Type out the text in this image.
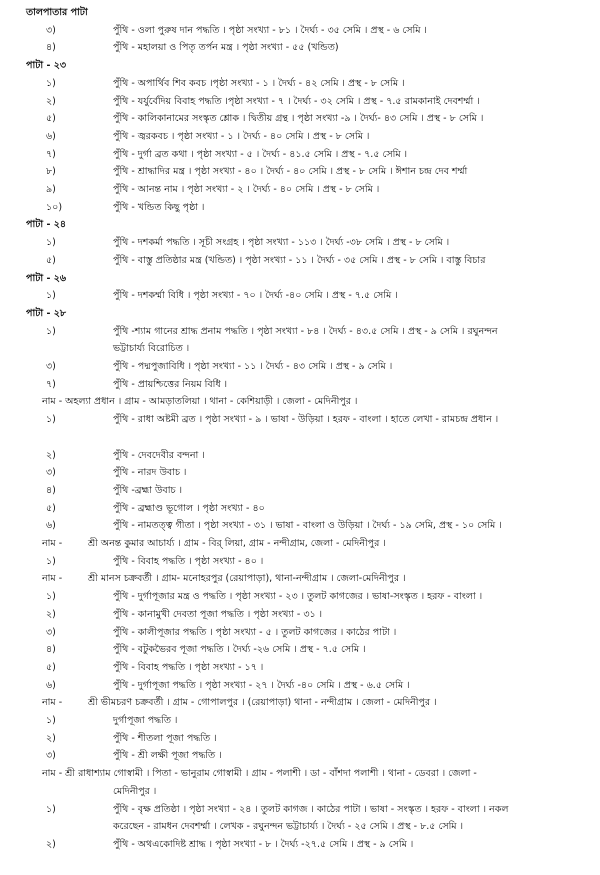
তালপাতার পাটা
৩)	পুঁথি - ওলা পুরুষ দান পদ্ধতি । পৃষ্ঠা সংখ্যা - ৮১ । দৈর্ঘ্য - ৩৫ সেমি । প্রস্থ - ৬ সেমি ।
৪)	পুঁথি - মহালয়া ও পিতৃ তর্পন মন্ত্র । পৃষ্ঠা সংখ্যা - ৫৫ (খন্ডিত)
পাটা - ২৩
১)	পুঁথি - অপার্থিব শিব কবচ ।পৃষ্ঠা সংখ্যা - ১ । দৈর্ঘ্য - ৪২ সেমি । প্রস্থ - ৮ সেমি ।
২)	পুঁথি - যর্যুর্বেদিয় বিবাহ পদ্ধতি ।পৃষ্ঠা সংখ্যা - ৭ । দৈর্ঘ্য - ৩২ সেমি । প্রস্থ - ৭.৫ রামকানাই দেবশর্ম্মা ।
৫)	পুঁথি - কালিকানামের সংস্কৃত শ্লোক । দ্বিতীয় গ্রন্থ । পৃষ্ঠা সংখ্যা -৯ । দৈর্ঘ্য- ৪৩ সেমি । প্রস্থ - ৮ সেমি ।
৬)	পুঁথি - জ্বরকবচ । পৃষ্ঠা সংখ্যা - ১ । দৈর্ঘ্য - ৪০ সেমি । প্রস্থ - ৮ সেমি ।
৭)	পুঁথি - দুর্গা ব্রত কথা । পৃষ্ঠা সংখ্যা - ৫ । দৈর্ঘ্য - ৪১.৫ সেমি । প্রস্থ - ৭.৫ সেমি ।
৮)	পুঁথি - শ্রাদ্ধাদির মন্ত্র । পৃষ্ঠা সংখ্যা - ৪০ । দৈর্ঘ্য - ৪০ সেমি । প্রস্থ - ৮ সেমি । ঈশান চন্দ্র দেব শর্ম্মা
৯)	পুঁথি - আনন্ত নাম । পৃষ্ঠা সংখ্যা - ২ । দৈর্ঘ্য - ৪০ সেমি । প্রস্থ - ৮ সেমি ।
১০)	পুঁথি - খন্ডিত কিছু পৃষ্ঠা ।
পাটা - ২৪
১)	পুঁথি - দশকর্মা পদ্ধতি । সূচী সংগ্রহ । পৃষ্ঠা সংখ্যা - ১১৩ । দৈর্ঘ্য -৩৮ সেমি । প্রস্থ - ৮ সেমি ।
৫)	পুঁথি - বাস্তু প্রতিষ্ঠার মন্ত্র (খন্ডিত) । পৃষ্ঠা সংখ্যা - ১১ । দৈর্ঘ্য - ৩৫ সেমি । প্রস্থ - ৮ সেমি । বাস্তু বিচার
পাটা - ২৬
১)	পুঁথি - দশকর্ম্মা বিধি । পৃষ্ঠা সংখ্যা - ৭০ । দৈর্ঘ্য -৪০ সেমি । প্রস্থ - ৭.৫ সেমি ।
পাটা - ২৮
১)	পুঁথি -শ্যাম গানের শ্রাদ্ধ প্রনাম পদ্ধতি । পৃষ্ঠা সংখ্যা - ৮৪ । দৈর্ঘ্য - ৪৩.৫ সেমি । প্রস্থ - ৯ সেমি । রঘুনন্দন
ভট্টাচার্য্য বিরোচিত ।
৩)	পুঁথি - পদ্মপুজাবিধি । পৃষ্ঠা সংখ্যা - ১১ । দৈর্ঘ্য - ৪৩ সেমি । প্রস্থ - ৯ সেমি ।
৭)	পুঁথি - প্রায়শ্চিত্তের নিয়ম বিধি ।
নাম - অহল্যা প্রধান । গ্রাম - আমড়াতলিয়া । থানা - কেশিয়াড়ী । জেলা - মেদিনীপুর ।
১)	পুঁথি - রাধা অষ্টমী ব্রত । পৃষ্ঠা সংখ্যা - ৯ । ভাষা - উড়িয়া । হরফ - বাংলা । হাতে লেখা - রামচন্দ্র প্রধান ।
২)	পুঁথি - দেবদেবীর বন্দনা ।
৩)	পুঁথি - নারদ উবাচ ।
৪)	পুঁথি -ব্রহ্মা উবাচ ।
৫)	পুঁথি - ব্রহ্মাণ্ড ভূগোল । পৃষ্ঠা সংখ্যা - ৪০
৬)	পুঁথি - নামতত্ত্ব গীতা । পৃষ্ঠা সংখ্যা - ৩১ । ভাষা - বাংলা ও উড়িয়া । দৈর্ঘ্য - ১৯ সেমি, প্রস্থ - ১০ সেমি ।
নাম -	শ্রী অনন্ত কুমার আচার্য্য । গ্রাম - বির্ লিয়া, গ্রাম - নন্দীগ্রাম, জেলা - মেদিনীপুর ।
১)	পুঁথি - বিবাহ পদ্ধতি । পৃষ্ঠা সংখ্যা - ৪০ ।
নাম -	শ্রী মানস চক্রবর্তী । গ্রাম- মনোহরপুর (রেয়াপাড়া), থানা-নন্দীগ্রাম । জেলা-মেদিনীপুর ।
১)	পুঁথি - দুর্গাপূজার মন্ত্র ও পদ্ধতি । পৃষ্ঠা সংখ্যা - ২৩ । তুলট কাগজের । ভাষা-সংস্কৃত । হরফ - বাংলা ।
২)	পুঁথি - কানামুখী দেবতা পূজা পদ্ধতি । পৃষ্ঠা সংখ্যা - ৩১ ।
৩)	পুঁথি - কালীপূজার পদ্ধতি । পৃষ্ঠা সংখ্যা - ৫ । তুলট কাগজের । কাঠের পাটা ।
৪)	পুঁথি - বটুকভৈরব পূজা পদ্ধতি । দৈর্ঘ্য -২৬ সেমি । প্রস্থ - ৭.৫ সেমি ।
৫)	পুঁথি - বিবাহ পদ্ধতি । পৃষ্ঠা সংখ্যা - ১৭ ।
৬)	পুঁথি - দুর্গাপূজা পদ্ধতি । পৃষ্ঠা সংখ্যা - ২৭ । দৈর্ঘ্য -৪০ সেমি । প্রস্থ - ৬.৫ সেমি ।
নাম -	শ্রী ভীমচরণ চক্রবর্তী । গ্রাম - গোপালপুর । (রেয়াপাড়া) থানা - নন্দীগ্রাম । জেলা - মেদিনীপুর ।
১)	দুর্গাপূজা পদ্ধতি ।
২)	পুঁথি - শীতলা পূজা পদ্ধতি ।
৩)	পুঁথি - শ্রী লক্ষী পূজা পদ্ধতি ।
নাম - শ্রী রাধাশ্যাম গোস্বামী । পিতা - ভানুরাম গোস্বামী । গ্রাম - পলাশী । ডা - বাঁশদা পলাশী । থানা - ডেবরা । জেলা -
মেদিনীপুর ।
১)	পুঁথি - বৃক্ষ প্রতিষ্ঠা । পৃষ্ঠা সংখ্যা - ২৪ । তুলট কাগজ । কাঠের পাটা । ভাষা - সংস্কৃত । হরফ - বাংলা । নকল
করেছেন - রামধন দেবশর্ম্মা । লেখক - রঘুনন্দন ভট্টাচার্য্য । দৈর্ঘ্য - ২৫ সেমি । প্রস্থ - ৮.৫ সেমি ।
২)	পুঁথি - অথএকোদিষ্ট শ্রাদ্ধ । পৃষ্ঠা সংখ্যা - ৮ । দৈর্ঘ্য -২৭.৫ সেমি । প্রস্থ - ৯ সেমি ।
